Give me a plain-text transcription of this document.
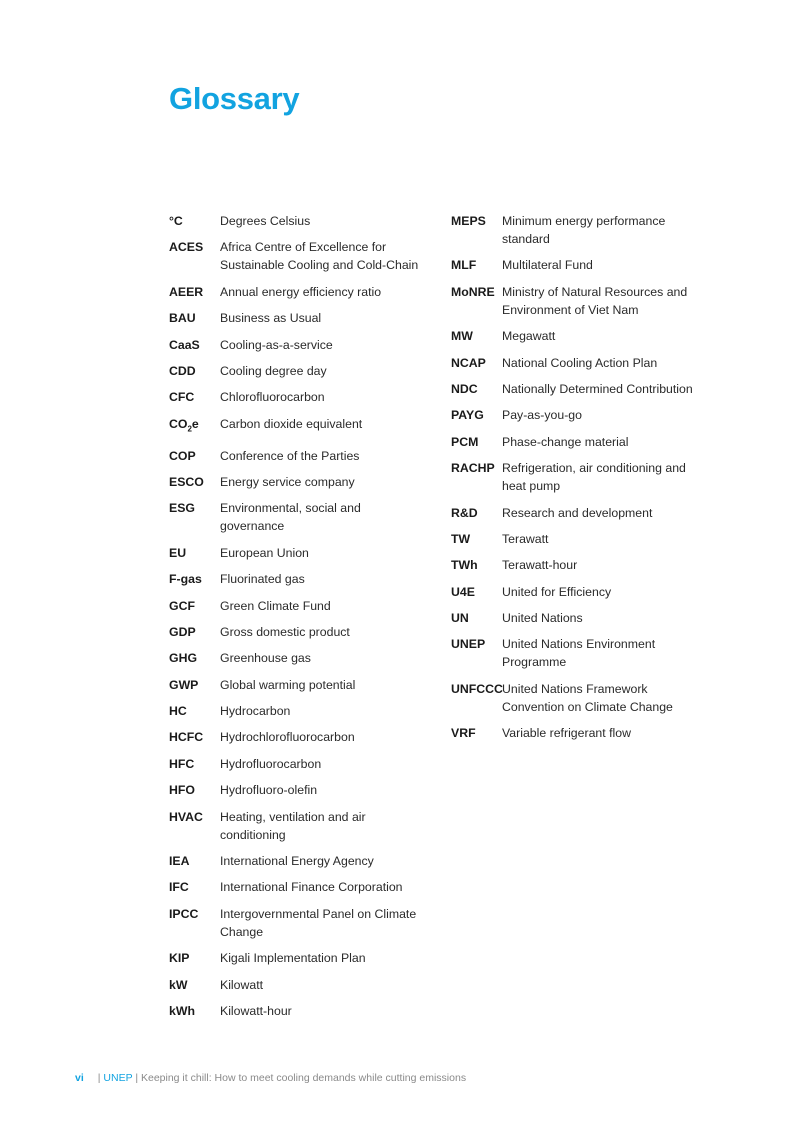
Glossary
°C	Degrees Celsius
ACES	Africa Centre of Excellence for Sustainable Cooling and Cold-Chain
AEER	Annual energy efficiency ratio
BAU	Business as Usual
CaaS	Cooling-as-a-service
CDD	Cooling degree day
CFC	Chlorofluorocarbon
$CO_2e$	Carbon dioxide equivalent
COP	Conference of the Parties
ESCO	Energy service company
ESG	Environmental, social and governance
EU	European Union
F-gas	Fluorinated gas
GCF	Green Climate Fund
GDP	Gross domestic product
GHG	Greenhouse gas
GWP	Global warming potential
HC	Hydrocarbon
HCFC	Hydrochlorofluorocarbon
HFC	Hydrofluorocarbon
HFO	Hydrofluoro-olefin
HVAC	Heating, ventilation and air conditioning
IEA	International Energy Agency
IFC	International Finance Corporation
IPCC	Intergovernmental Panel on Climate Change
KIP	Kigali Implementation Plan
kW	Kilowatt
kWh	Kilowatt-hour
MEPS	Minimum energy performance standard
MLF	Multilateral Fund
MoNRE Ministry of Natural Resources and Environment of Viet Nam
MW	Megawatt
NCAP	National Cooling Action Plan
NDC	Nationally Determined Contribution
PAYG	Pay-as-you-go
PCM	Phase-change material
RACHP Refrigeration, air conditioning and heat pump
R&D	Research and development
TW	Terawatt
TWh	Terawatt-hour
U4E	United for Efficiency
UN	United Nations
UNEP	United Nations Environment Programme
UNFCCC United Nations Framework Convention on Climate Change
VRF	Variable refrigerant flow
vi | UNEP | Keeping it chill: How to meet cooling demands while cutting emissions
